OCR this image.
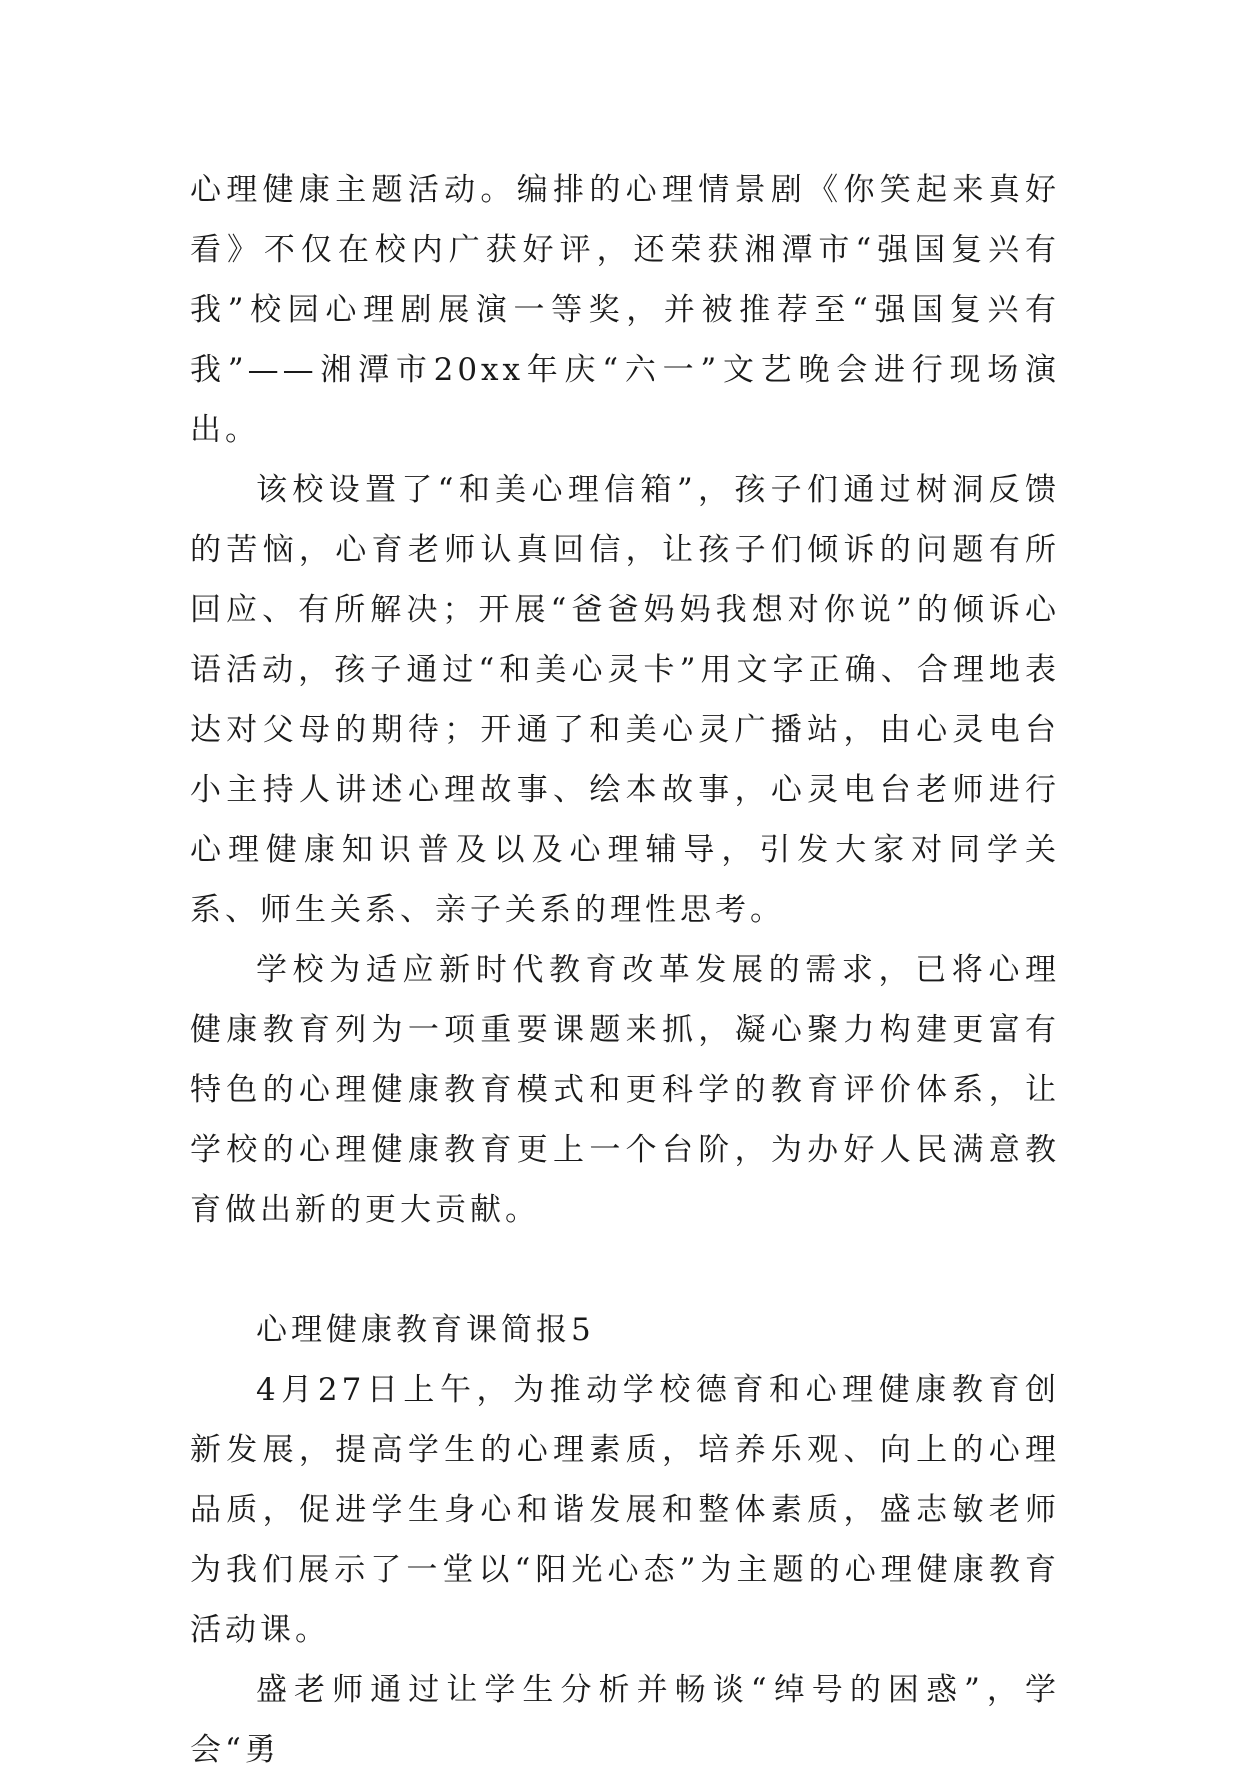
心理健康主题活动。编排的心理情景剧《你笑起来真好看》不仅在校内广获好评，还荣获湘潭市“强国复兴有我”校园心理剧展演一等奖，并被推荐至“强国复兴有我”——湘潭市20xx年庆“六一”文艺晚会进行现场演出。

该校设置了“和美心理信箱”，孩子们通过树洞反馈的苦恼，心育老师认真回信，让孩子们倾诉的问题有所回应、有所解决；开展“爸爸妈妈我想对你说”的倾诉心语活动，孩子通过“和美心灵卡”用文字正确、合理地表达对父母的期待；开通了和美心灵广播站，由心灵电台小主持人讲述心理故事、绘本故事，心灵电台老师进行心理健康知识普及以及心理辅导，引发大家对同学关系、师生关系、亲子关系的理性思考。

学校为适应新时代教育改革发展的需求，已将心理健康教育列为一项重要课题来抓，凝心聚力构建更富有特色的心理健康教育模式和更科学的教育评价体系，让学校的心理健康教育更上一个台阶，为办好人民满意教育做出新的更大贡献。

心理健康教育课简报5

4月27日上午，为推动学校德育和心理健康教育创新发展，提高学生的心理素质，培养乐观、向上的心理品质，促进学生身心和谐发展和整体素质，盛志敏老师为我们展示了一堂以“阳光心态”为主题的心理健康教育活动课。

盛老师通过让学生分析并畅谈“绰号的困惑”，学会“勇
